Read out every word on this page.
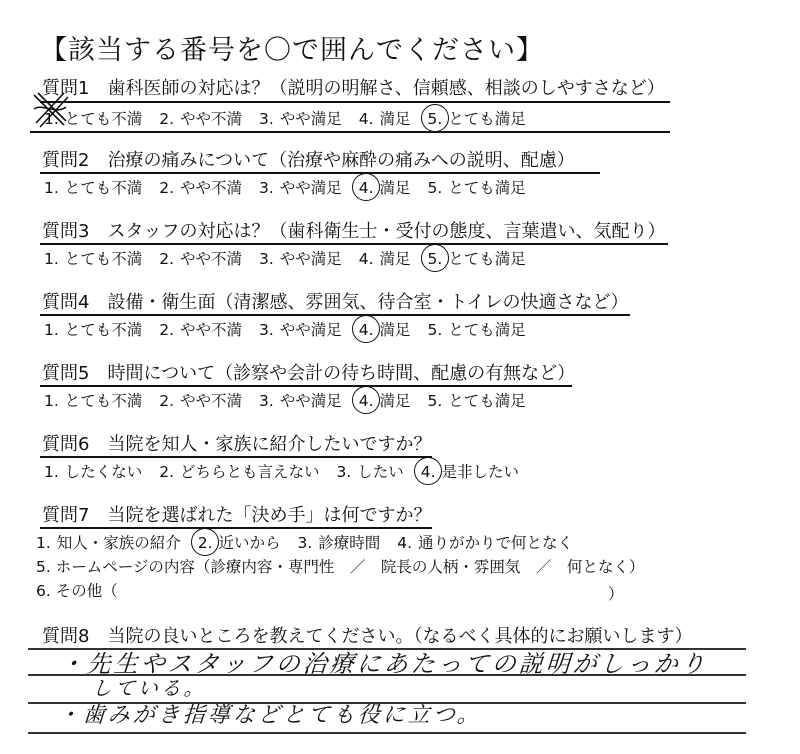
【該当する番号を〇で囲んでください】
質問1　歯科医師の対応は？（説明の明解さ、信頼感、相談のしやすさなど）
1. とても不満 2. やや不満 3. やや満足 4. 満足 5. とても満足
質問2　治療の痛みについて（治療や麻酔の痛みへの説明、配慮）
1. とても不満 2. やや不満 3. やや満足 4. 満足 5. とても満足
質問3　スタッフの対応は？（歯科衛生士・受付の態度、言葉遣い、気配り）
1. とても不満 2. やや不満 3. やや満足 4. 満足 5. とても満足
質問4　設備・衛生面（清潔感、雰囲気、待合室・トイレの快適さなど）
1. とても不満 2. やや不満 3. やや満足 4. 満足 5. とても満足
質問5　時間について（診察や会計の待ち時間、配慮の有無など）
1. とても不満 2. やや不満 3. やや満足 4. 満足 5. とても満足
質問6　当院を知人・家族に紹介したいですか？
1. したくない 2. どちらとも言えない 3. したい 4. 是非したい
質問7　当院を選ばれた「決め手」は何ですか？
1. 知人・家族の紹介 2. 近いから 3. 診療時間 4. 通りがかりで何となく
5. ホームページの内容（診療内容・専門性　／　院長の人柄・雰囲気　／　何となく）
6. その他（	）
質問8　当院の良いところを教えてください。（なるべく具体的にお願いします）
・先生やスタッフの治療にあたっての説明がしっかり
している。
・歯みがき指導などとても役に立つ。
